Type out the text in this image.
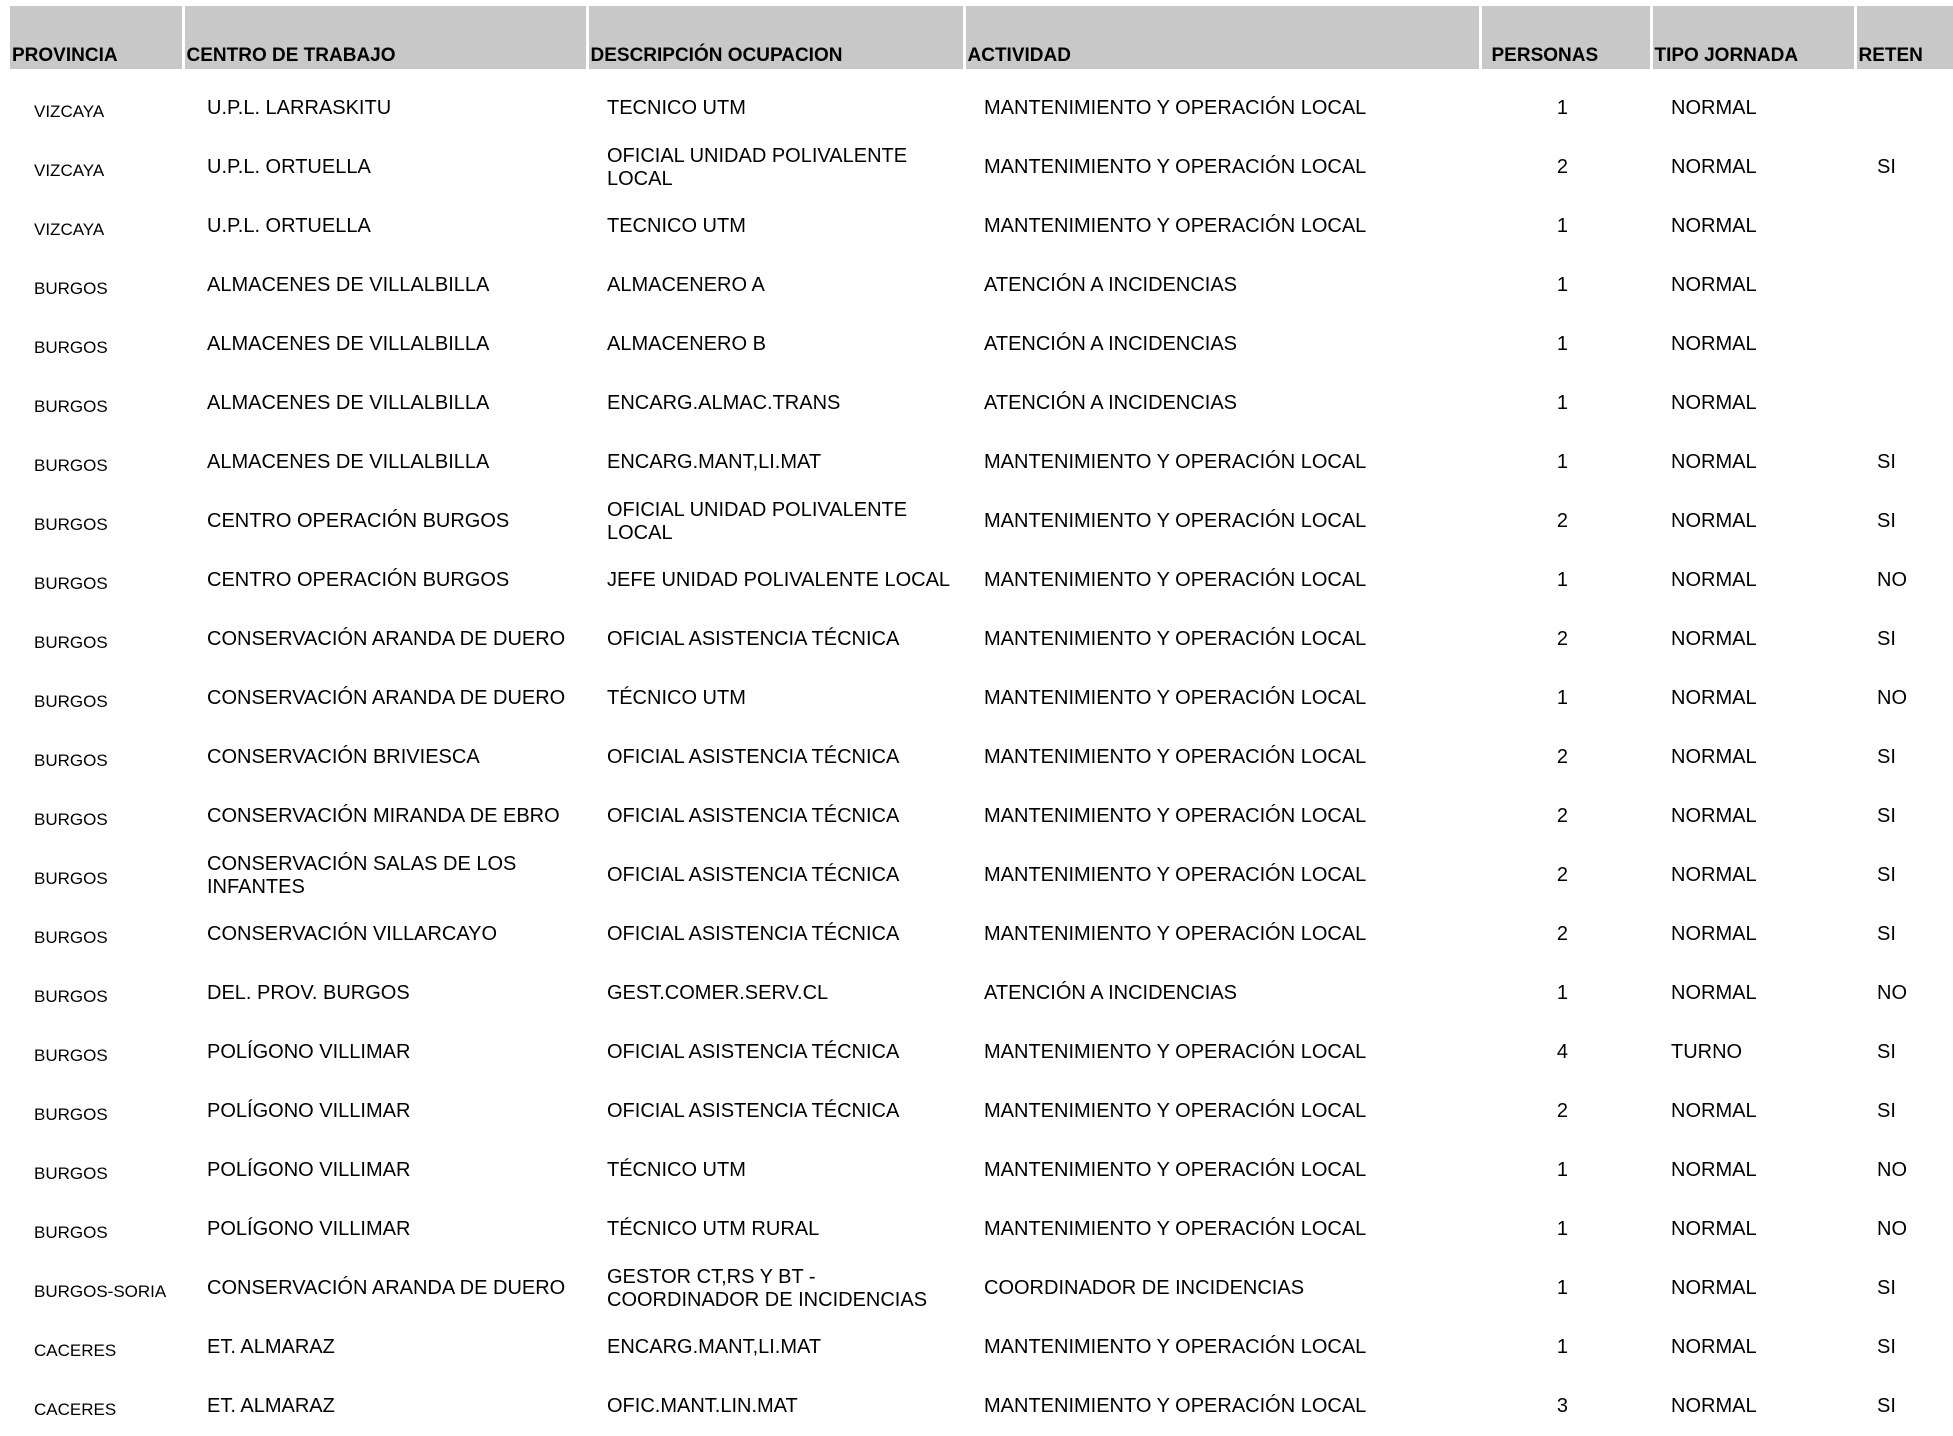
PROVINCIA	CENTRO DE TRABAJO	DESCRIPCIÓN OCUPACION	ACTIVIDAD	PERSONAS	TIPO JORNADA	RETEN

VIZCAYA	U.P.L. LARRASKITU	TECNICO UTM	MANTENIMIENTO Y OPERACIÓN LOCAL	1	NORMAL	
VIZCAYA	U.P.L. ORTUELLA	OFICIAL UNIDAD POLIVALENTE LOCAL	MANTENIMIENTO Y OPERACIÓN LOCAL	2	NORMAL	SI
VIZCAYA	U.P.L. ORTUELLA	TECNICO UTM	MANTENIMIENTO Y OPERACIÓN LOCAL	1	NORMAL	
BURGOS	ALMACENES DE VILLALBILLA	ALMACENERO A	ATENCIÓN A INCIDENCIAS	1	NORMAL	
BURGOS	ALMACENES DE VILLALBILLA	ALMACENERO B	ATENCIÓN A INCIDENCIAS	1	NORMAL	
BURGOS	ALMACENES DE VILLALBILLA	ENCARG.ALMAC.TRANS	ATENCIÓN A INCIDENCIAS	1	NORMAL	
BURGOS	ALMACENES DE VILLALBILLA	ENCARG.MANT,LI.MAT	MANTENIMIENTO Y OPERACIÓN LOCAL	1	NORMAL	SI
BURGOS	CENTRO OPERACIÓN BURGOS	OFICIAL UNIDAD POLIVALENTE LOCAL	MANTENIMIENTO Y OPERACIÓN LOCAL	2	NORMAL	SI
BURGOS	CENTRO OPERACIÓN BURGOS	JEFE UNIDAD POLIVALENTE LOCAL	MANTENIMIENTO Y OPERACIÓN LOCAL	1	NORMAL	NO
BURGOS	CONSERVACIÓN ARANDA DE DUERO	OFICIAL ASISTENCIA TÉCNICA	MANTENIMIENTO Y OPERACIÓN LOCAL	2	NORMAL	SI
BURGOS	CONSERVACIÓN ARANDA DE DUERO	TÉCNICO UTM	MANTENIMIENTO Y OPERACIÓN LOCAL	1	NORMAL	NO
BURGOS	CONSERVACIÓN BRIVIESCA	OFICIAL ASISTENCIA TÉCNICA	MANTENIMIENTO Y OPERACIÓN LOCAL	2	NORMAL	SI
BURGOS	CONSERVACIÓN MIRANDA DE EBRO	OFICIAL ASISTENCIA TÉCNICA	MANTENIMIENTO Y OPERACIÓN LOCAL	2	NORMAL	SI
BURGOS	CONSERVACIÓN SALAS DE LOS INFANTES	OFICIAL ASISTENCIA TÉCNICA	MANTENIMIENTO Y OPERACIÓN LOCAL	2	NORMAL	SI
BURGOS	CONSERVACIÓN VILLARCAYO	OFICIAL ASISTENCIA TÉCNICA	MANTENIMIENTO Y OPERACIÓN LOCAL	2	NORMAL	SI
BURGOS	DEL. PROV. BURGOS	GEST.COMER.SERV.CL	ATENCIÓN A INCIDENCIAS	1	NORMAL	NO
BURGOS	POLÍGONO VILLIMAR	OFICIAL ASISTENCIA TÉCNICA	MANTENIMIENTO Y OPERACIÓN LOCAL	4	TURNO	SI
BURGOS	POLÍGONO VILLIMAR	OFICIAL ASISTENCIA TÉCNICA	MANTENIMIENTO Y OPERACIÓN LOCAL	2	NORMAL	SI
BURGOS	POLÍGONO VILLIMAR	TÉCNICO UTM	MANTENIMIENTO Y OPERACIÓN LOCAL	1	NORMAL	NO
BURGOS	POLÍGONO VILLIMAR	TÉCNICO UTM RURAL	MANTENIMIENTO Y OPERACIÓN LOCAL	1	NORMAL	NO
BURGOS-SORIA	CONSERVACIÓN ARANDA DE DUERO	GESTOR CT,RS Y BT - COORDINADOR DE INCIDENCIAS	COORDINADOR DE INCIDENCIAS	1	NORMAL	SI
CACERES	ET. ALMARAZ	ENCARG.MANT,LI.MAT	MANTENIMIENTO Y OPERACIÓN LOCAL	1	NORMAL	SI
CACERES	ET. ALMARAZ	OFIC.MANT.LIN.MAT	MANTENIMIENTO Y OPERACIÓN LOCAL	3	NORMAL	SI
